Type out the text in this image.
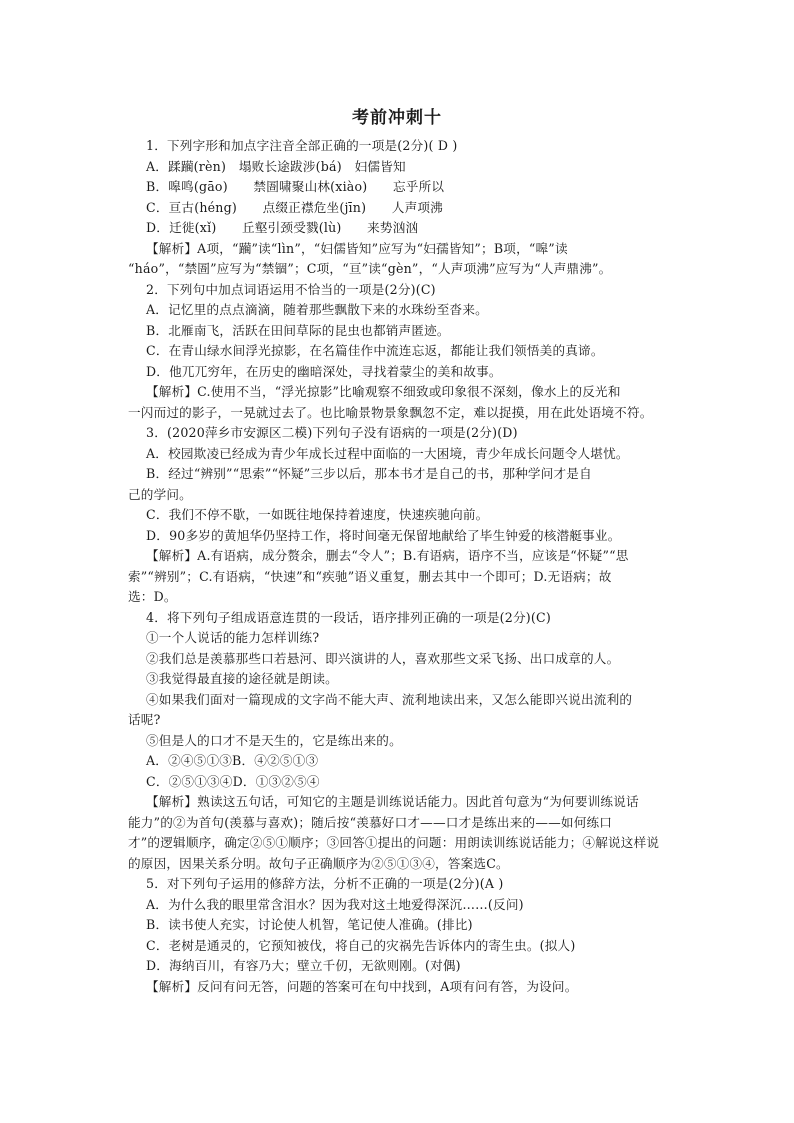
考前冲刺十
1．下列字形和加点字注音全部正确的一项是(2分)( D )
A．蹂躏(rèn)　塌败长途跋涉(bá)　妇儒皆知
B．嗥鸣(gāo)　　禁圄啸聚山林(xiào)　　忘乎所以
C．亘古(héng)　　点缀正襟危坐(jīn)　　人声项沸
D．迁徙(xǐ)　　丘壑引颈受戮(lù)　　来势汹汹
【解析】A项，“躏”读“lìn”，“妇儒皆知”应写为“妇孺皆知”；B项，“嗥”读
“háo”，“禁圄”应写为“禁锢”；C项，“亘”读“gèn”，“人声项沸”应写为“人声鼎沸”。
2．下列句中加点词语运用不恰当的一项是(2分)(C)
A．记忆里的点点滴滴，随着那些飘散下来的水珠纷至沓来。
B．北雁南飞，活跃在田间草际的昆虫也都销声匿迹。
C．在青山绿水间浮光掠影，在名篇佳作中流连忘返，都能让我们领悟美的真谛。
D．他兀兀穷年，在历史的幽暗深处，寻找着蒙尘的美和故事。
【解析】C.使用不当，“浮光掠影”比喻观察不细致或印象很不深刻，像水上的反光和
一闪而过的影子，一晃就过去了。也比喻景物景象飘忽不定，难以捉摸，用在此处语境不符。
3．(2020萍乡市安源区二模)下列句子没有语病的一项是(2分)(D)
A．校园欺凌已经成为青少年成长过程中面临的一大困境，青少年成长问题令人堪忧。
B．经过“辨别”“思索”“怀疑”三步以后，那本书才是自己的书，那种学问才是自
己的学问。
C．我们不停不歇，一如既往地保持着速度，快速疾驰向前。
D．90多岁的黄旭华仍坚持工作，将时间毫无保留地献给了毕生钟爱的核潜艇事业。
【解析】A.有语病，成分赘余，删去“令人”；B.有语病，语序不当，应该是“怀疑”“思
索”“辨别”；C.有语病，“快速”和“疾驰”语义重复，删去其中一个即可；D.无语病；故
选：D。
4．将下列句子组成语意连贯的一段话，语序排列正确的一项是(2分)(C)
①一个人说话的能力怎样训练?
②我们总是羡慕那些口若悬河、即兴演讲的人，喜欢那些文采飞扬、出口成章的人。
③我觉得最直接的途径就是朗读。
④如果我们面对一篇现成的文字尚不能大声、流利地读出来，又怎么能即兴说出流利的
话呢?
⑤但是人的口才不是天生的，它是练出来的。
A．②④⑤①③B．④②⑤①③
C．②⑤①③④D．①③②⑤④
【解析】熟读这五句话，可知它的主题是训练说话能力。因此首句意为“为何要训练说话
能力”的②为首句(羡慕与喜欢)；随后按“羡慕好口才——口才是练出来的——如何练口
才”的逻辑顺序，确定②⑤①顺序；③回答①提出的问题：用朗读训练说话能力；④解说这样说
的原因，因果关系分明。故句子正确顺序为②⑤①③④，答案选C。
5．对下列句子运用的修辞方法，分析不正确的一项是(2分)(A )
A．为什么我的眼里常含泪水？因为我对这土地爱得深沉……(反问)
B．读书使人充实，讨论使人机智，笔记使人准确。(排比)
C．老树是通灵的，它预知被伐，将自己的灾祸先告诉体内的寄生虫。(拟人)
D．海纳百川，有容乃大；壁立千仞，无欲则刚。(对偶)
【解析】反问有问无答，问题的答案可在句中找到，A项有问有答，为设问。
